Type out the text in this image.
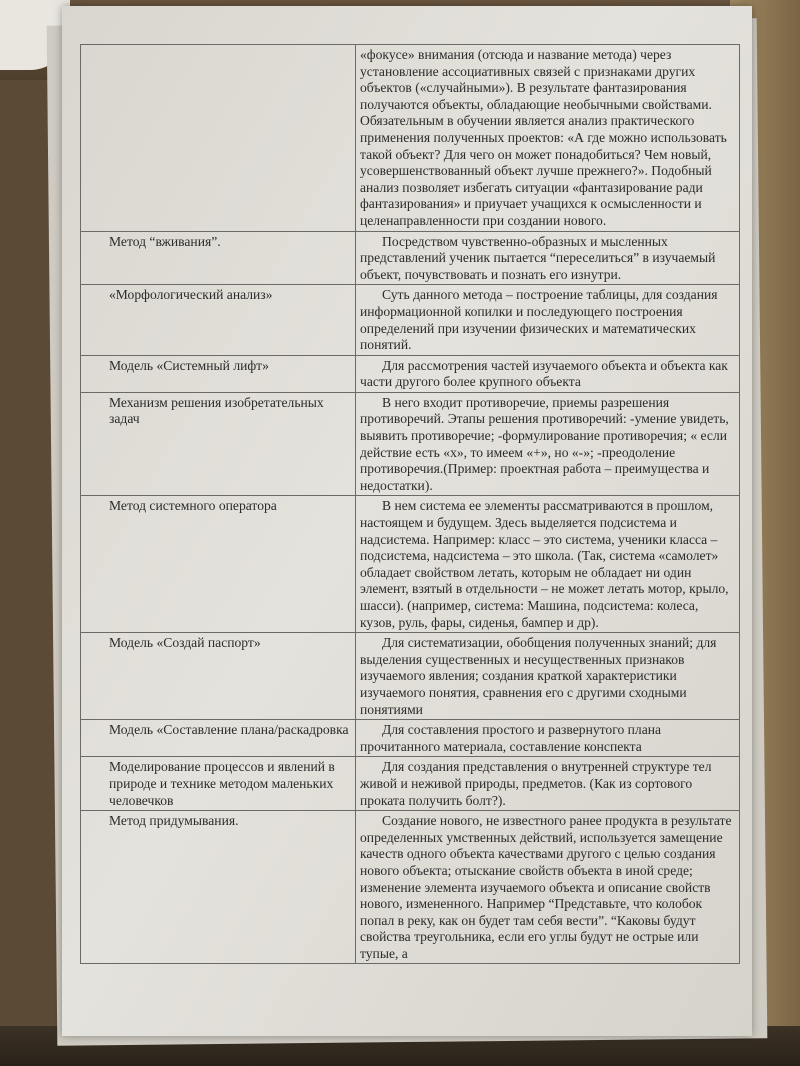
	«фокусе» внимания (отсюда и название метода) через установление ассоциативных связей с признаками других объектов («случайными»). В результате фантазирования получаются объекты, обладающие необычными свойствами. Обязательным в обучении является анализ практического применения полученных проектов: «А где можно использовать такой объект? Для чего он может понадобиться? Чем новый, усовершенствованный объект лучше прежнего?». Подобный анализ позволяет избегать ситуации «фантазирование ради фантазирования» и приучает учащихся к осмысленности и целенаправленности при создании нового.
Метод “вживания”.	Посредством чувственно-образных и мысленных представлений ученик пытается “переселиться” в изучаемый объект, почувствовать и познать его изнутри.

«Морфологический анализ»	Суть данного метода – построение таблицы, для создания информационной копилки и последующего построения определений при изучении физических и математических понятий.

Модель «Системный лифт»	Для рассмотрения частей изучаемого объекта и объекта как части другого более крупного объекта

Механизм решения изобретательных задач	В него входит противоречие, приемы разрешения противоречий. Этапы решения противоречий: -умение увидеть, выявить противоречие; -формулирование противоречия; « если действие есть «х», то имеем «+», но «-»; -преодоление противоречия.(Пример: проектная работа – преимущества и недостатки).

Метод системного оператора	В нем система ее элементы рассматриваются в прошлом, настоящем и будущем. Здесь выделяется подсистема и надсистема. Например: класс – это система, ученики класса – подсистема, надсистема – это школа. (Так, система «самолет» обладает свойством летать, которым не обладает ни один элемент, взятый в отдельности – не может летать мотор, крыло, шасси). (например, система: Машина, подсистема: колеса, кузов, руль, фары, сиденья, бампер и др).

Модель «Создай паспорт»	Для систематизации, обобщения полученных знаний; для выделения существенных и несущественных признаков изучаемого явления; создания краткой характеристики изучаемого понятия, сравнения его с другими сходными понятиями

Модель «Составление плана/раскадровка	Для составления простого и развернутого плана прочитанного материала, составление конспекта

Моделирование процессов и явлений в природе и технике методом маленьких человечков	Для создания представления о внутренней структуре тел живой и неживой природы, предметов. (Как из сортового проката получить болт?).

Метод придумывания.	Создание нового, не известного ранее продукта в результате определенных умственных действий, используется замещение качеств одного объекта качествами другого с целью создания нового объекта; отыскание свойств объекта в иной среде; изменение элемента изучаемого объекта и описание свойств нового, измененного. Например “Представьте, что колобок попал в реку, как он будет там себя вести”. “Каковы будут свойства треугольника, если его углы будут не острые или тупые, а
